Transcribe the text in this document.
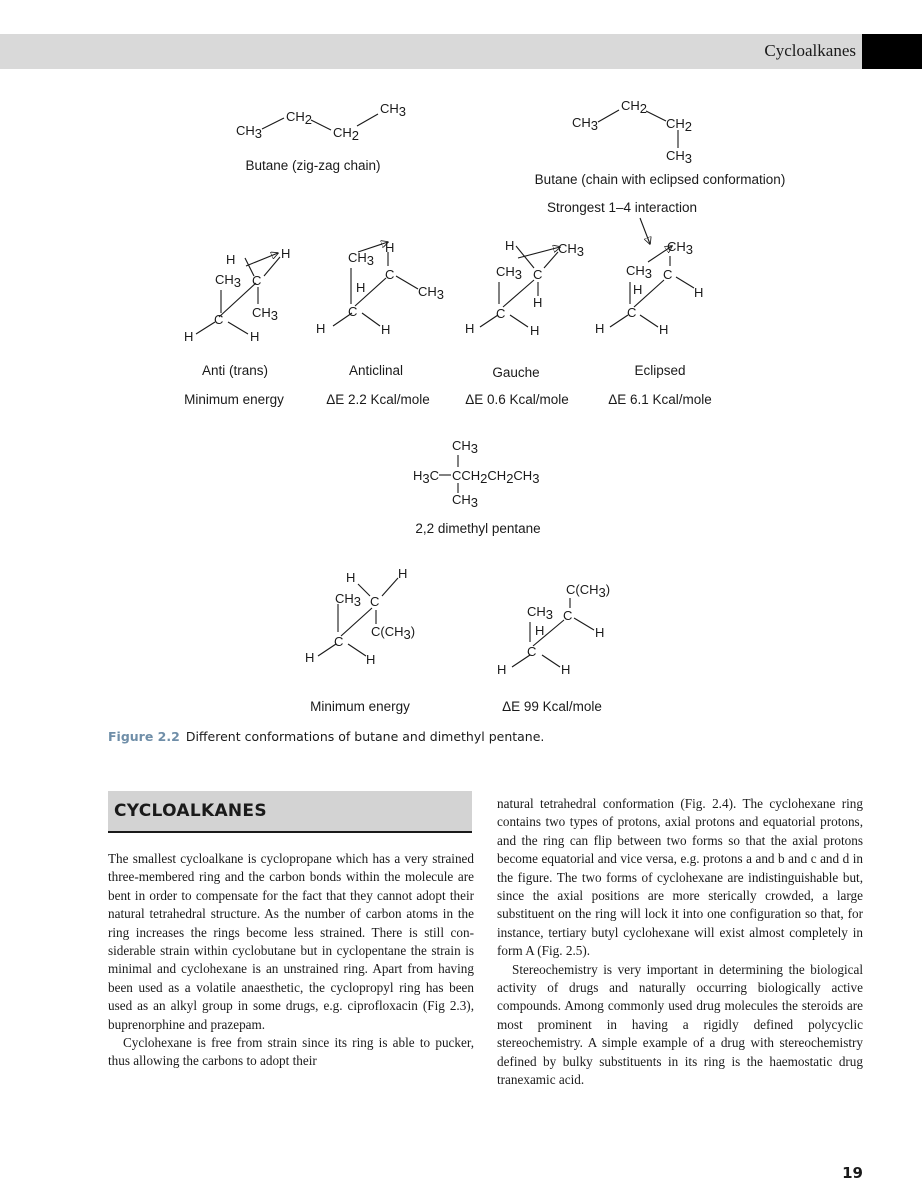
Cycloalkanes
CH3
CH2
CH2
CH3
CH3
CH2
CH2
CH3
H	H
CH3 C
CH3
C
H	H
CH3
H
C
H	CH3
C
H	H
H	CH3
CH3 C
H
C
H	H
CH3
CH3 C
H	H
C
H	H
CH3
H3C CCH2CH2CH3
CH3
H	H
CH3 C
C(CH3)
C
H	H
C(CH3)
CH3 C
H	H
C
H	H
Butane (zig-zag chain)
Butane (chain with eclipsed conformation)
Strongest 1–4 interaction
Anti (trans)	Anticlinal	Gauche	Eclipsed
Minimum energy	ΔE 2.2 Kcal/mole	ΔE 0.6 Kcal/mole	ΔE 6.1 Kcal/mole
2,2 dimethyl pentane
Minimum energy	ΔE 99 Kcal/mole
Figure 2.2 Different conformations of butane and dimethyl pentane.
CYCLOALKANES

The smallest cycloalkane is cyclopropane which has a very strained three-membered ring and the carbon bonds within the molecule are bent in order to compensate for the fact that they cannot adopt their natural tetrahedral structure. As the number of carbon atoms in the ring increases the rings become less strained. There is still considerable strain within cyclobutane but in cyclopentane the strain is minimal and cyclohexane is an unstrained ring. Apart from having been used as a volatile anaesthetic, the cyclopropyl ring has been used as an alkyl group in some drugs, e.g. ciprofloxacin (Fig 2.3), buprenorphine and prazepam.

Cyclohexane is free from strain since its ring is able to pucker, thus allowing the carbons to adopt their

natural tetrahedral conformation (Fig. 2.4). The cyclohexane ring contains two types of protons, axial protons and equatorial protons, and the ring can flip between two forms so that the axial protons become equatorial and vice versa, e.g. protons a and b and c and d in the figure. The two forms of cyclohexane are indistinguishable but, since the axial positions are more sterically crowded, a large substituent on the ring will lock it into one configuration so that, for instance, tertiary butyl cyclohexane will exist almost completely in form A (Fig. 2.5).

Stereochemistry is very important in determining the biological activity of drugs and naturally occurring biologically active compounds. Among commonly used drug molecules the steroids are most prominent in having a rigidly defined polycyclic stereochemistry. A simple example of a drug with stereochemistry defined by bulky substituents in its ring is the haemostatic drug tranexamic acid.

19
